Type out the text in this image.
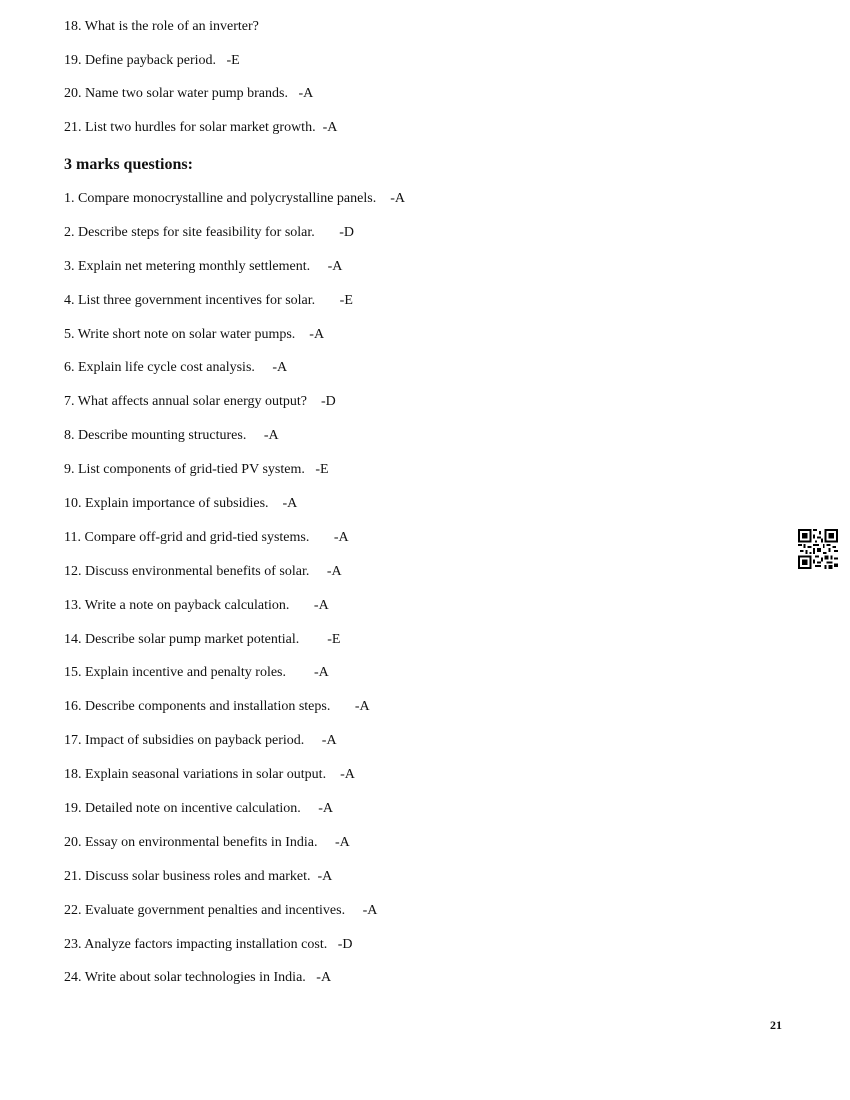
18. What is the role of an inverter?
19. Define payback period.   -E
20. Name two solar water pump brands.   -A
21. List two hurdles for solar market growth.  -A
3 marks questions:
1. Compare monocrystalline and polycrystalline panels.    -A
2. Describe steps for site feasibility for solar.       -D
3. Explain net metering monthly settlement.     -A
4. List three government incentives for solar.       -E
5. Write short note on solar water pumps.    -A
6. Explain life cycle cost analysis.     -A
7. What affects annual solar energy output?    -D
8. Describe mounting structures.     -A
9. List components of grid-tied PV system.   -E
10. Explain importance of subsidies.    -A
11. Compare off-grid and grid-tied systems.       -A
12. Discuss environmental benefits of solar.     -A
13. Write a note on payback calculation.       -A
14. Describe solar pump market potential.        -E
15. Explain incentive and penalty roles.        -A
16. Describe components and installation steps.       -A
17. Impact of subsidies on payback period.     -A
18. Explain seasonal variations in solar output.    -A
19. Detailed note on incentive calculation.     -A
20. Essay on environmental benefits in India.     -A
21. Discuss solar business roles and market.  -A
22. Evaluate government penalties and incentives.     -A
23. Analyze factors impacting installation cost.   -D
24. Write about solar technologies in India.   -A
21
